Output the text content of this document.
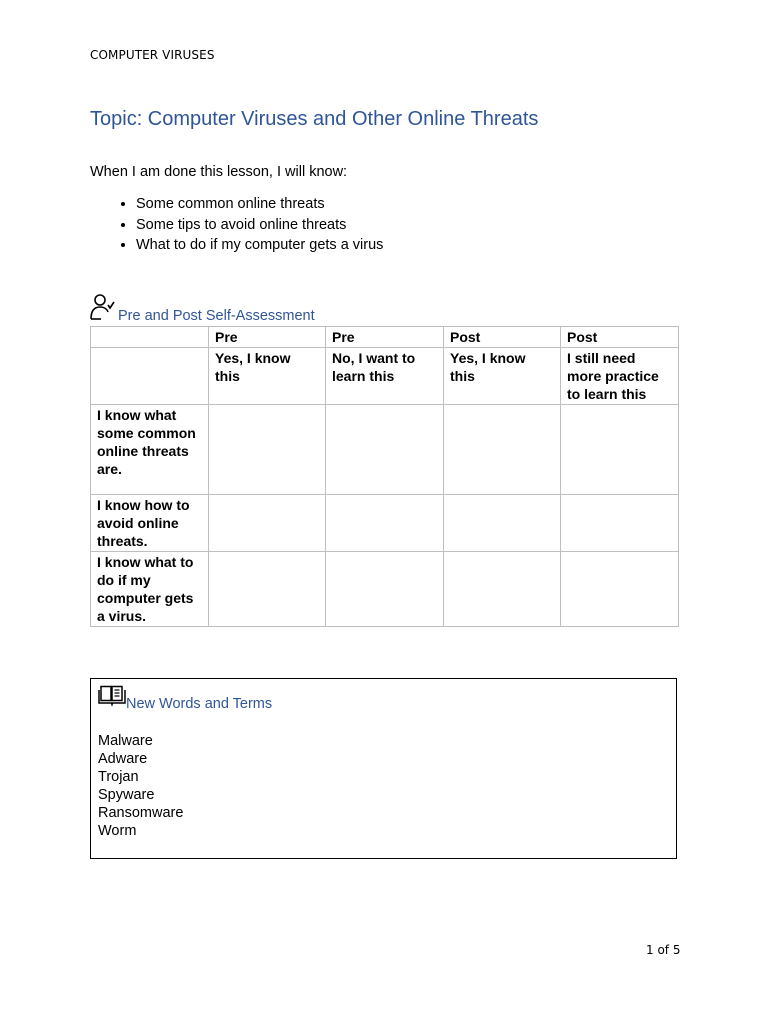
COMPUTER VIRUSES
Topic: Computer Viruses and Other Online Threats
When I am done this lesson, I will know:
• Some common online threats
• Some tips to avoid online threats
• What to do if my computer gets a virus
Pre and Post Self-Assessment
	Pre	Pre	Post	Post
	Yes, I know this	No, I want to learn this	Yes, I know this	I still need more practice to learn this
I know what some common online threats are.				
I know how to avoid online threats.				
I know what to do if my computer gets a virus.				
New Words and Terms
Malware
Adware
Trojan
Spyware
Ransomware
Worm
1 of 5
